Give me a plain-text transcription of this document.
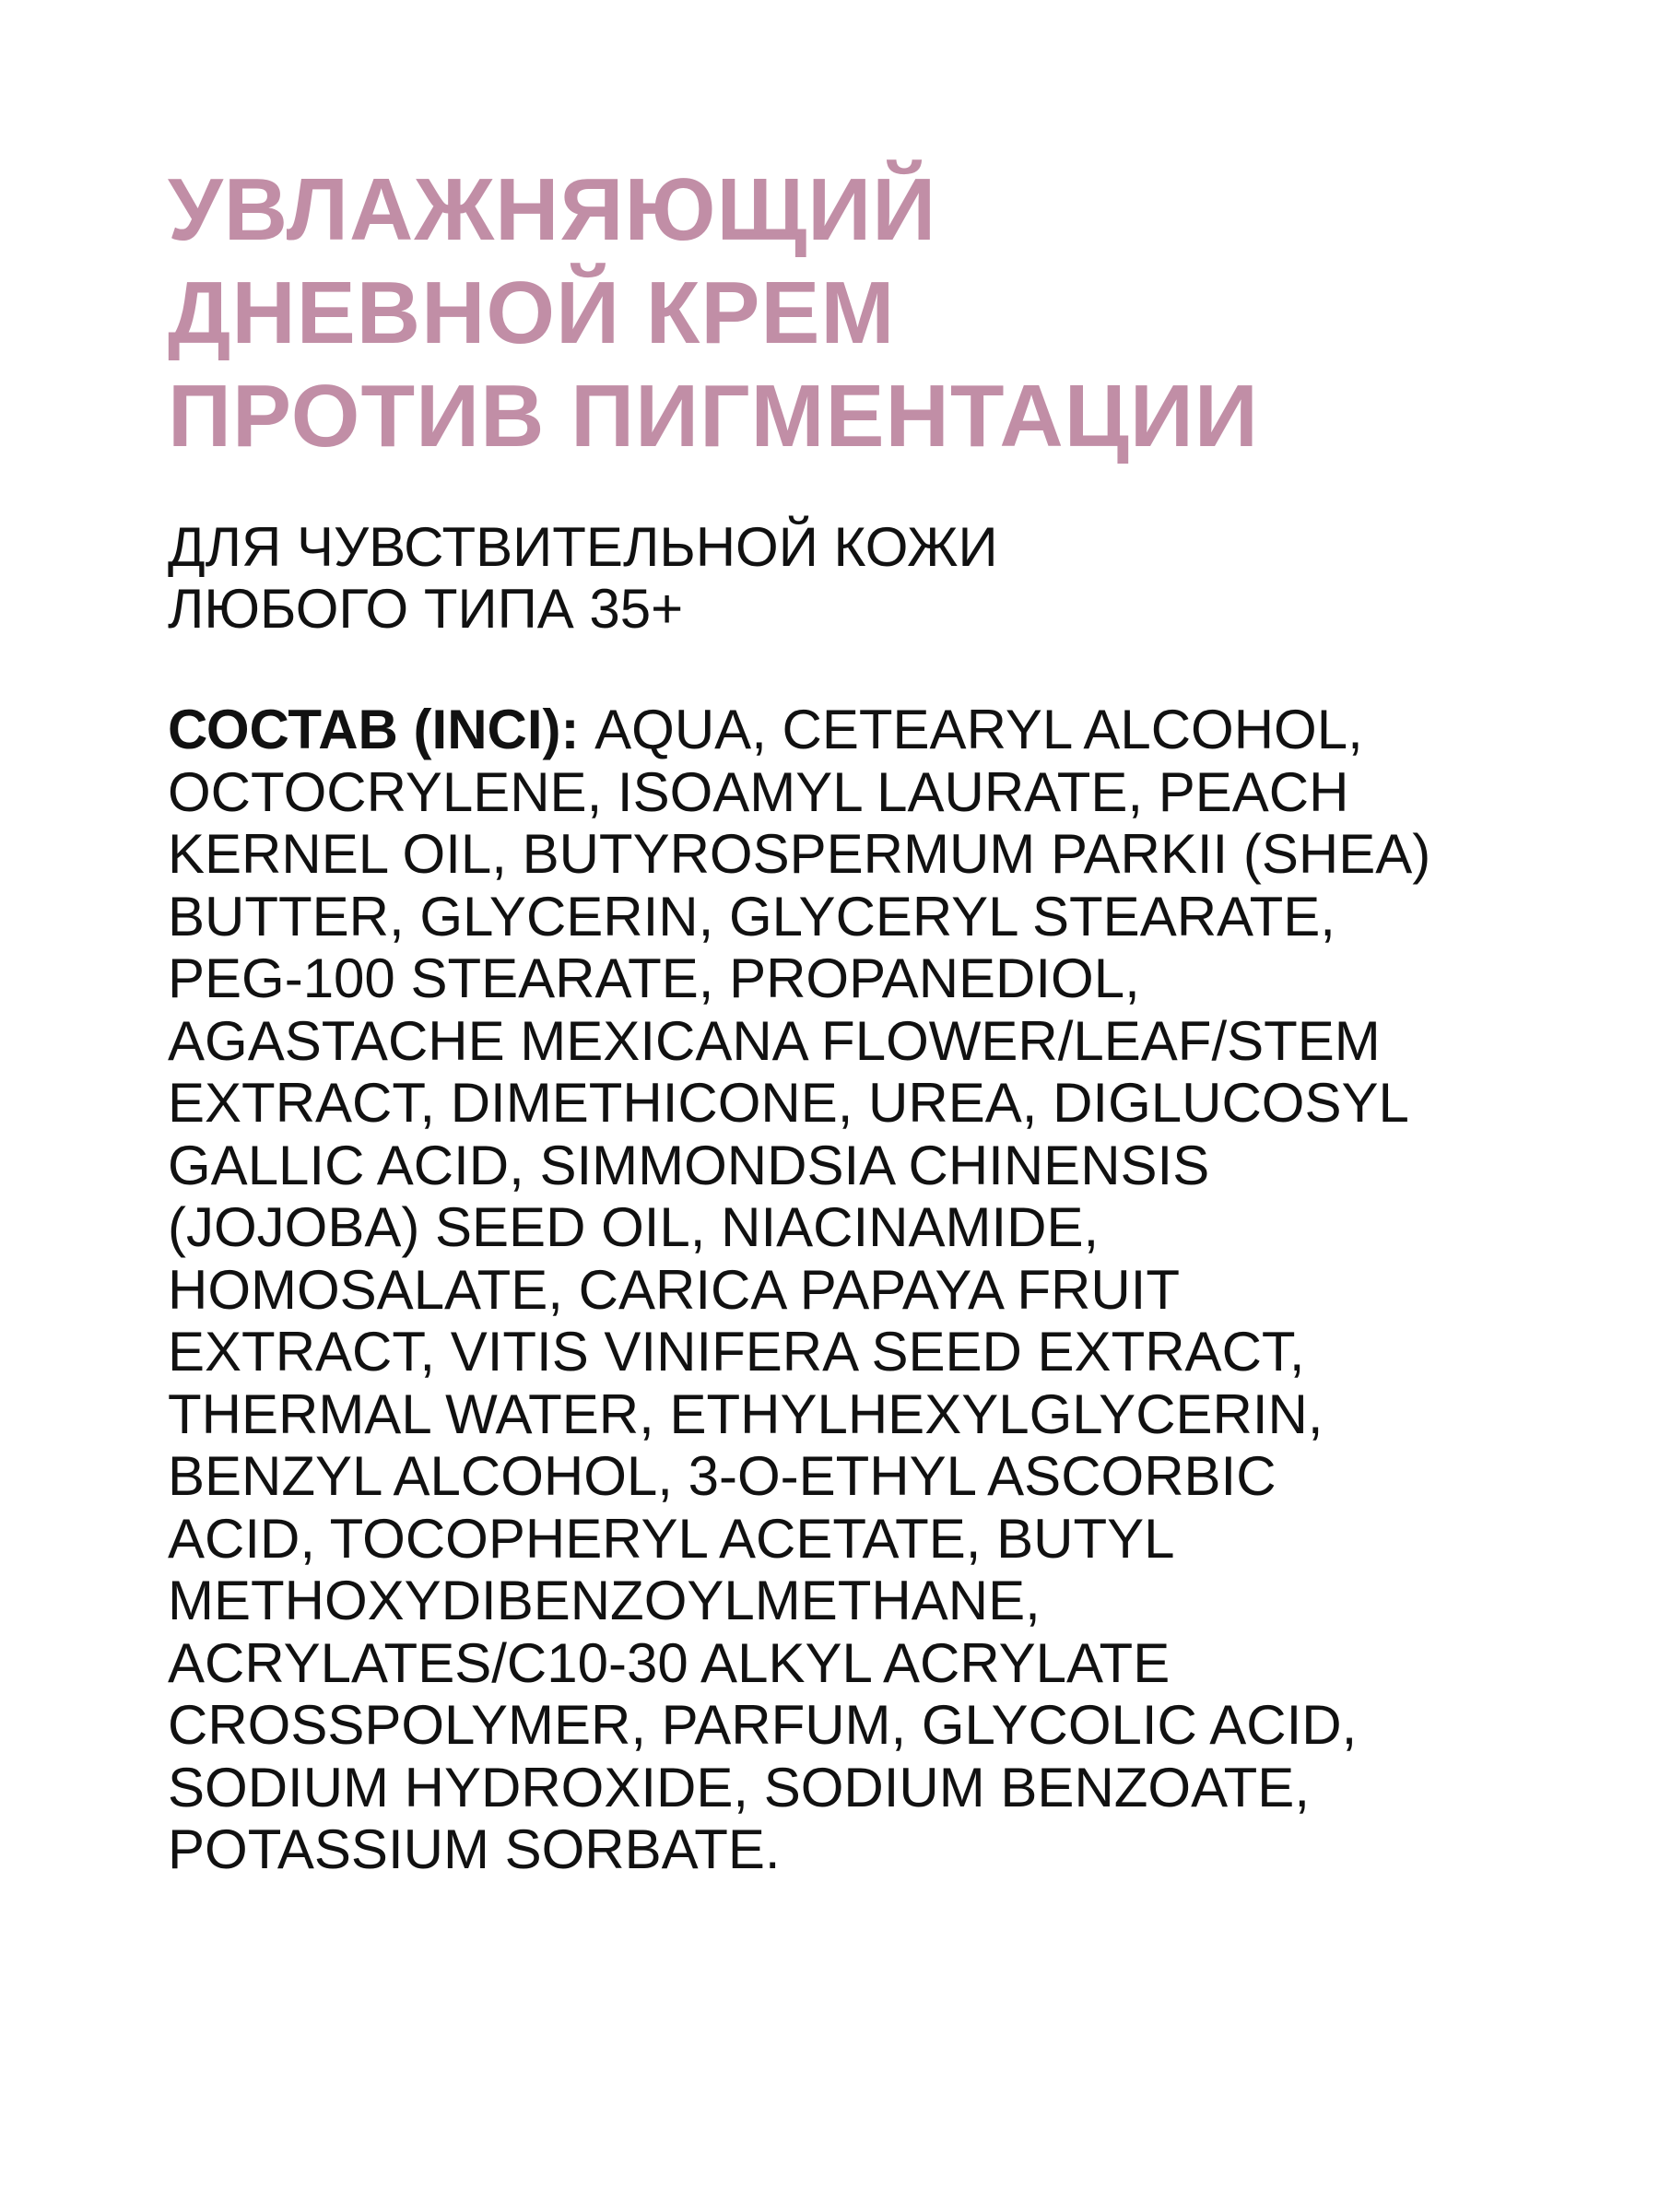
УВЛАЖНЯЮЩИЙ
ДНЕВНОЙ КРЕМ
ПРОТИВ ПИГМЕНТАЦИИ
ДЛЯ ЧУВСТВИТЕЛЬНОЙ КОЖИ
ЛЮБОГО ТИПА 35+
СОСТАВ (INCI): AQUA, CETEARYL ALCOHOL,
OCTOCRYLENE, ISOAMYL LAURATE, PEACH
KERNEL OIL, BUTYROSPERMUM PARKII (SHEA)
BUTTER, GLYCERIN, GLYCERYL STEARATE,
PEG-100 STEARATE, PROPANEDIOL,
AGASTACHE MEXICANA FLOWER/LEAF/STEM
EXTRACT, DIMETHICONE, UREA, DIGLUCOSYL
GALLIC ACID, SIMMONDSIA CHINENSIS
(JOJOBA) SEED OIL, NIACINAMIDE,
HOMOSALATE, CARICA PAPAYA FRUIT
EXTRACT, VITIS VINIFERA SEED EXTRACT,
THERMAL WATER, ETHYLHEXYLGLYCERIN,
BENZYL ALCOHOL, 3-O-ETHYL ASCORBIC
ACID, TOCOPHERYL ACETATE, BUTYL
METHOXYDIBENZOYLMETHANE,
ACRYLATES/C10-30 ALKYL ACRYLATE
CROSSPOLYMER, PARFUM, GLYCOLIC ACID,
SODIUM HYDROXIDE, SODIUM BENZOATE,
POTASSIUM SORBATE.
